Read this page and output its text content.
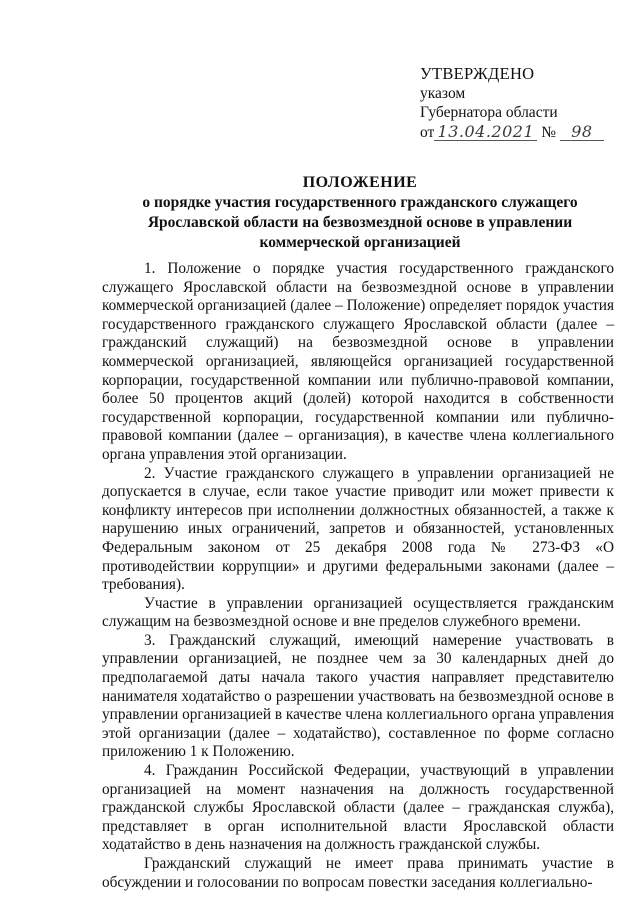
УТВЕРЖДЕНО
указом
Губернатора области
от 13.04.2021 № 98
ПОЛОЖЕНИЕ
о порядке участия государственного гражданского служащего Ярославской области на безвозмездной основе в управлении коммерческой организацией

1. Положение о порядке участия государственного гражданского служащего Ярославской области на безвозмездной основе в управлении коммерческой организацией (далее – Положение) определяет порядок участия государственного гражданского служащего Ярославской области (далее – гражданский служащий) на безвозмездной основе в управлении коммерческой организацией, являющейся организацией государственной корпорации, государственной компании или публично-правовой компании, более 50 процентов акций (долей) которой находится в собственности государственной корпорации, государственной компании или публично-правовой компании (далее – организация), в качестве члена коллегиального органа управления этой организации.

2. Участие гражданского служащего в управлении организацией не допускается в случае, если такое участие приводит или может привести к конфликту интересов при исполнении должностных обязанностей, а также к нарушению иных ограничений, запретов и обязанностей, установленных Федеральным законом от 25 декабря 2008 года № 273-ФЗ «О противодействии коррупции» и другими федеральными законами (далее – требования).

Участие в управлении организацией осуществляется гражданским служащим на безвозмездной основе и вне пределов служебного времени.

3. Гражданский служащий, имеющий намерение участвовать в управлении организацией, не позднее чем за 30 календарных дней до предполагаемой даты начала такого участия направляет представителю нанимателя ходатайство о разрешении участвовать на безвозмездной основе в управлении организацией в качестве члена коллегиального органа управления этой организации (далее – ходатайство), составленное по форме согласно приложению 1 к Положению.

4. Гражданин Российской Федерации, участвующий в управлении организацией на момент назначения на должность государственной гражданской службы Ярославской области (далее – гражданская служба), представляет в орган исполнительной власти Ярославской области ходатайство в день назначения на должность гражданской службы.

Гражданский служащий не имеет права принимать участие в обсуждении и голосовании по вопросам повестки заседания коллегиально-
